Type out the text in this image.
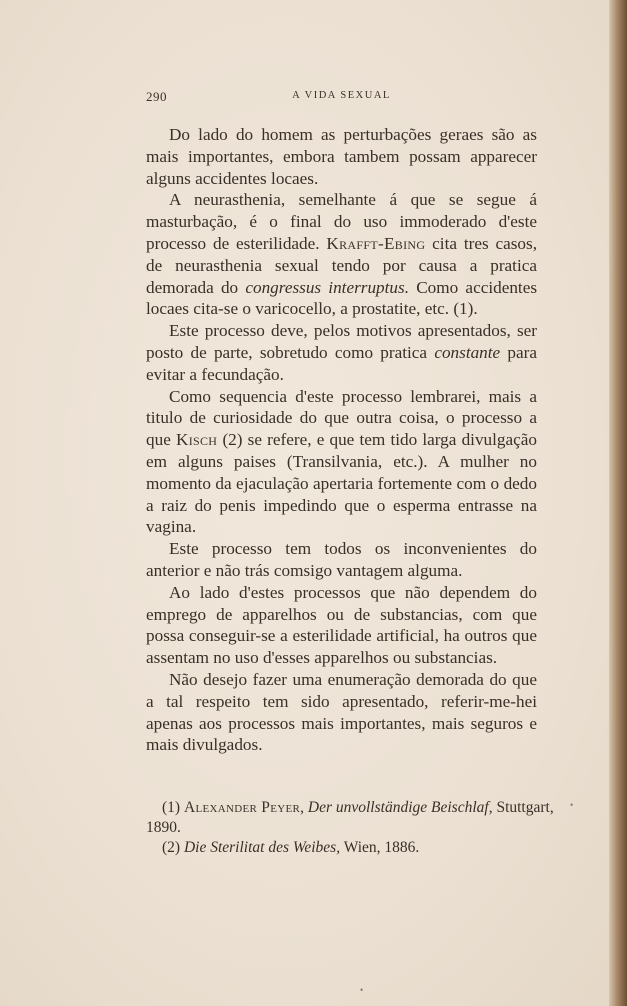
290	A VIDA SEXUAL

Do lado do homem as perturbações geraes são as mais importantes, embora tambem possam apparecer alguns accidentes locaes.

A neurasthenia, semelhante á que se segue á masturbação, é o final do uso immoderado d'este processo de esterilidade. Krafft-Ebing cita tres casos, de neurasthenia sexual tendo por causa a pratica demorada do congressus interruptus. Como accidentes locaes cita-se o varicocello, a prostatite, etc. (1).

Este processo deve, pelos motivos apresentados, ser posto de parte, sobretudo como pratica constante para evitar a fecundação.

Como sequencia d'este processo lembrarei, mais a titulo de curiosidade do que outra coisa, o processo a que Kisch (2) se refere, e que tem tido larga divulgação em alguns paises (Transilvania, etc.). A mulher no momento da ejaculação apertaria fortemente com o dedo a raiz do penis impedindo que o esperma entrasse na vagina.

Este processo tem todos os inconvenientes do anterior e não trás comsigo vantagem alguma.

Ao lado d'estes processos que não dependem do emprego de apparelhos ou de substancias, com que possa conseguir-se a esterilidade artificial, ha outros que assentam no uso d'esses apparelhos ou substancias.

Não desejo fazer uma enumeração demorada do que a tal respeito tem sido apresentado, referir-me-hei apenas aos processos mais importantes, mais seguros e mais divulgados.

(1) Alexander Peyer, Der unvollständige Beischlaf, Stuttgart, 1890.

(2) Die Sterilitat des Weibes, Wien, 1886.

•
•
